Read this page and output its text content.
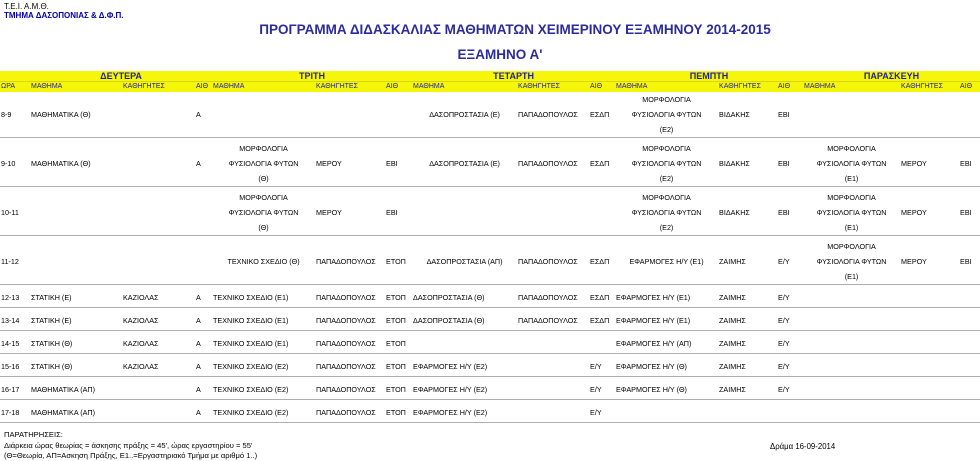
Τ.Ε.Ι. Α.Μ.Θ.
ΤΜΗΜΑ ΔΑΣΟΠΟΝΙΑΣ & Δ.Φ.Π.
ΠΡΟΓΡΑΜΜΑ ΔΙΔΑΣΚΑΛΙΑΣ ΜΑΘΗΜΑΤΩΝ ΧΕΙΜΕΡΙΝΟΥ ΕΞΑΜΗΝΟΥ 2014-2015
ΕΞΑΜΗΝΟ Α'
	ΔΕΥΤΕΡΑ			ΤΡΙΤΗ			ΤΕΤΑΡΤΗ			ΠΕΜΠΤΗ			ΠΑΡΑΣΚΕΥΗ		
ΩΡΑ	ΜΑΘΗΜΑ	ΚΑΘΗΓΗΤΕΣ	ΑΙΘ	ΜΑΘΗΜΑ	ΚΑΘΗΓΗΤΕΣ	ΑΙΘ	ΜΑΘΗΜΑ	ΚΑΘΗΓΗΤΕΣ	ΑΙΘ	ΜΑΘΗΜΑ	ΚΑΘΗΓΗΤΕΣ	ΑΙΘ	ΜΑΘΗΜΑ	ΚΑΘΗΓΗΤΕΣ	ΑΙΘ
8-9										ΜΟΡΦΟΛΟΓΙΑ					
	ΜΑΘΗΜΑΤΙΚΑ (Θ)		Α				ΔΑΣΟΠΡΟΣΤΑΣΙΑ (Ε)	ΠΑΠΑΔΟΠΟΥΛΟΣ	ΕΣΔΠ	ΦΥΣΙΟΛΟΓΙΑ ΦΥΤΩΝ	ΒΙΔΑΚΗΣ	ΕΒΙ			
										(Ε2)					

9-10				ΜΟΡΦΟΛΟΓΙΑ						ΜΟΡΦΟΛΟΓΙΑ			ΜΟΡΦΟΛΟΓΙΑ		
	ΜΑΘΗΜΑΤΙΚΑ (Θ)		Α	ΦΥΣΙΟΛΟΓΙΑ ΦΥΤΩΝ	ΜΕΡΟΥ	ΕΒΙ	ΔΑΣΟΠΡΟΣΤΑΣΙΑ (Ε)	ΠΑΠΑΔΟΠΟΥΛΟΣ	ΕΣΔΠ	ΦΥΣΙΟΛΟΓΙΑ ΦΥΤΩΝ	ΒΙΔΑΚΗΣ	ΕΒΙ	ΦΥΣΙΟΛΟΓΙΑ ΦΥΤΩΝ	ΜΕΡΟΥ	ΕΒΙ
				(Θ)						(Ε2)			(Ε1)		

10-11				ΜΟΡΦΟΛΟΓΙΑ						ΜΟΡΦΟΛΟΓΙΑ			ΜΟΡΦΟΛΟΓΙΑ		
				ΦΥΣΙΟΛΟΓΙΑ ΦΥΤΩΝ	ΜΕΡΟΥ	ΕΒΙ				ΦΥΣΙΟΛΟΓΙΑ ΦΥΤΩΝ	ΒΙΔΑΚΗΣ	ΕΒΙ	ΦΥΣΙΟΛΟΓΙΑ ΦΥΤΩΝ	ΜΕΡΟΥ	ΕΒΙ
				(Θ)						(Ε2)			(Ε1)		

11-12													ΜΟΡΦΟΛΟΓΙΑ		
				ΤΕΧΝΙΚΟ ΣΧΕΔΙΟ (Θ)	ΠΑΠΑΔΟΠΟΥΛΟΣ	ΕΤΟΠ	ΔΑΣΟΠΡΟΣΤΑΣΙΑ (ΑΠ)	ΠΑΠΑΔΟΠΟΥΛΟΣ	ΕΣΔΠ	ΕΦΑΡΜΟΓΕΣ Η/Υ (Ε1)	ΖΑΙΜΗΣ	Ε/Υ	ΦΥΣΙΟΛΟΓΙΑ ΦΥΤΩΝ	ΜΕΡΟΥ	ΕΒΙ
													(Ε1)		

12-13	ΣΤΑΤΙΚΗ (Ε)	ΚΑΖΙΟΛΑΣ	Α	ΤΕΧΝΙΚΟ ΣΧΕΔΙΟ (Ε1)	ΠΑΠΑΔΟΠΟΥΛΟΣ	ΕΤΟΠ	ΔΑΣΟΠΡΟΣΤΑΣΙΑ (Θ)	ΠΑΠΑΔΟΠΟΥΛΟΣ	ΕΣΔΠ	ΕΦΑΡΜΟΓΕΣ Η/Υ (Ε1)	ΖΑΙΜΗΣ	Ε/Υ			

13-14	ΣΤΑΤΙΚΗ (Ε)	ΚΑΖΙΟΛΑΣ	Α	ΤΕΧΝΙΚΟ ΣΧΕΔΙΟ (Ε1)	ΠΑΠΑΔΟΠΟΥΛΟΣ	ΕΤΟΠ	ΔΑΣΟΠΡΟΣΤΑΣΙΑ (Θ)	ΠΑΠΑΔΟΠΟΥΛΟΣ	ΕΣΔΠ	ΕΦΑΡΜΟΓΕΣ Η/Υ (Ε1)	ΖΑΙΜΗΣ	Ε/Υ			

14-15	ΣΤΑΤΙΚΗ (Θ)	ΚΑΖΙΟΛΑΣ	Α	ΤΕΧΝΙΚΟ ΣΧΕΔΙΟ (Ε1)	ΠΑΠΑΔΟΠΟΥΛΟΣ	ΕΤΟΠ				ΕΦΑΡΜΟΓΕΣ Η/Υ (ΑΠ)	ΖΑΙΜΗΣ	Ε/Υ			

15-16	ΣΤΑΤΙΚΗ (Θ)	ΚΑΖΙΟΛΑΣ	Α	ΤΕΧΝΙΚΟ ΣΧΕΔΙΟ (Ε2)	ΠΑΠΑΔΟΠΟΥΛΟΣ	ΕΤΟΠ	ΕΦΑΡΜΟΓΕΣ Η/Υ (Ε2)		Ε/Υ	ΕΦΑΡΜΟΓΕΣ Η/Υ (Θ)	ΖΑΙΜΗΣ	Ε/Υ			

16-17	ΜΑΘΗΜΑΤΙΚΑ (ΑΠ)		Α	ΤΕΧΝΙΚΟ ΣΧΕΔΙΟ (Ε2)	ΠΑΠΑΔΟΠΟΥΛΟΣ	ΕΤΟΠ	ΕΦΑΡΜΟΓΕΣ Η/Υ (Ε2)		Ε/Υ	ΕΦΑΡΜΟΓΕΣ Η/Υ (Θ)	ΖΑΙΜΗΣ	Ε/Υ			

17-18	ΜΑΘΗΜΑΤΙΚΑ (ΑΠ)		Α	ΤΕΧΝΙΚΟ ΣΧΕΔΙΟ (Ε2)	ΠΑΠΑΔΟΠΟΥΛΟΣ	ΕΤΟΠ	ΕΦΑΡΜΟΓΕΣ Η/Υ (Ε2)		Ε/Υ						

ΠΑΡΑΤΗΡΗΣΕΙΣ:
Διάρκεια ώρας θεωρίας = άσκησης πράξης = 45', ώρας εργαστηρίου = 55'
(Θ=Θεωρία, ΑΠ=Ασκηση Πράξης, Ε1..=Εργαστηριακό Τμήμα με αριθμό 1..)
Δράμα 16-09-2014
